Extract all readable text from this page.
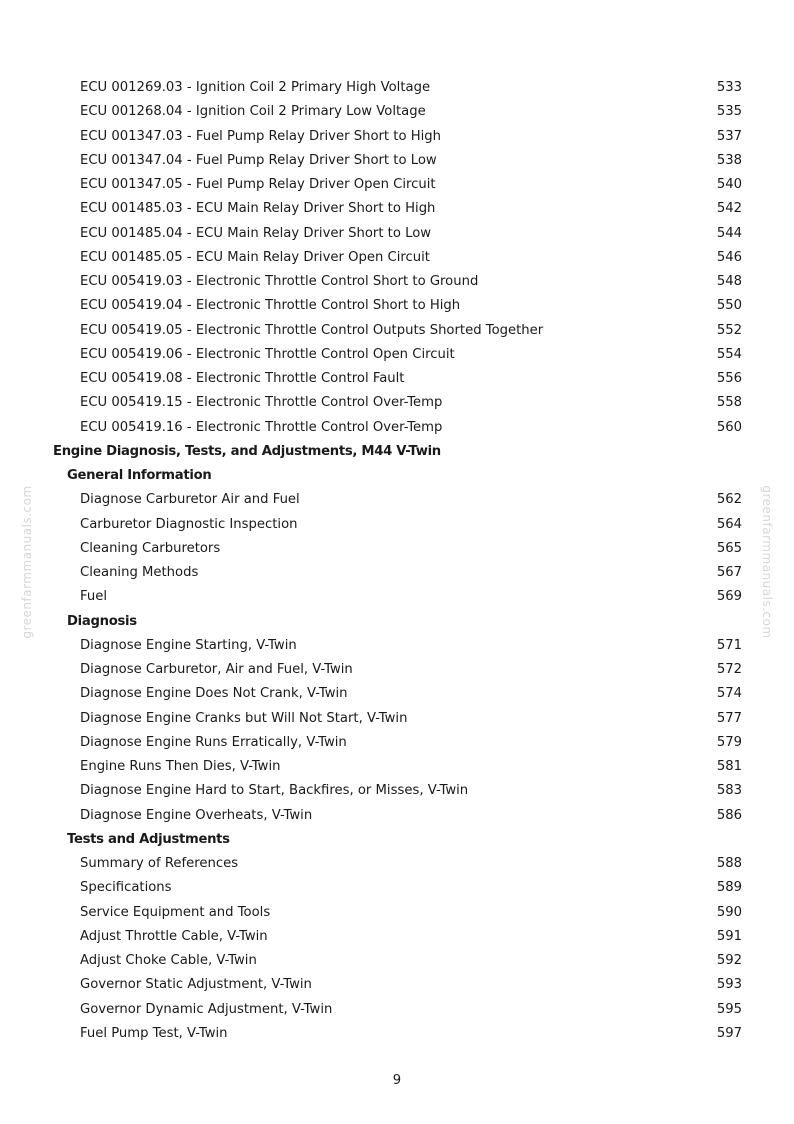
greenfarmmanuals.com	greenfarmmanuals.com
ECU 001269.03 - Ignition Coil 2 Primary High Voltage	533
ECU 001268.04 - Ignition Coil 2 Primary Low Voltage	535
ECU 001347.03 - Fuel Pump Relay Driver Short to High	537
ECU 001347.04 - Fuel Pump Relay Driver Short to Low	538
ECU 001347.05 - Fuel Pump Relay Driver Open Circuit	540
ECU 001485.03 - ECU Main Relay Driver Short to High	542
ECU 001485.04 - ECU Main Relay Driver Short to Low	544
ECU 001485.05 - ECU Main Relay Driver Open Circuit	546
ECU 005419.03 - Electronic Throttle Control Short to Ground	548
ECU 005419.04 - Electronic Throttle Control Short to High	550
ECU 005419.05 - Electronic Throttle Control Outputs Shorted Together	552
ECU 005419.06 - Electronic Throttle Control Open Circuit	554
ECU 005419.08 - Electronic Throttle Control Fault	556
ECU 005419.15 - Electronic Throttle Control Over-Temp	558
ECU 005419.16 - Electronic Throttle Control Over-Temp	560
Engine Diagnosis, Tests, and Adjustments, M44 V-Twin
General Information
Diagnose Carburetor Air and Fuel	562
Carburetor Diagnostic Inspection	564
Cleaning Carburetors	565
Cleaning Methods	567
Fuel	569
Diagnosis
Diagnose Engine Starting, V-Twin	571
Diagnose Carburetor, Air and Fuel, V-Twin	572
Diagnose Engine Does Not Crank, V-Twin	574
Diagnose Engine Cranks but Will Not Start, V-Twin	577
Diagnose Engine Runs Erratically, V-Twin	579
Engine Runs Then Dies, V-Twin	581
Diagnose Engine Hard to Start, Backfires, or Misses, V-Twin	583
Diagnose Engine Overheats, V-Twin	586
Tests and Adjustments
Summary of References	588
Specifications	589
Service Equipment and Tools	590
Adjust Throttle Cable, V-Twin	591
Adjust Choke Cable, V-Twin	592
Governor Static Adjustment, V-Twin	593
Governor Dynamic Adjustment, V-Twin	595
Fuel Pump Test, V-Twin	597
9
